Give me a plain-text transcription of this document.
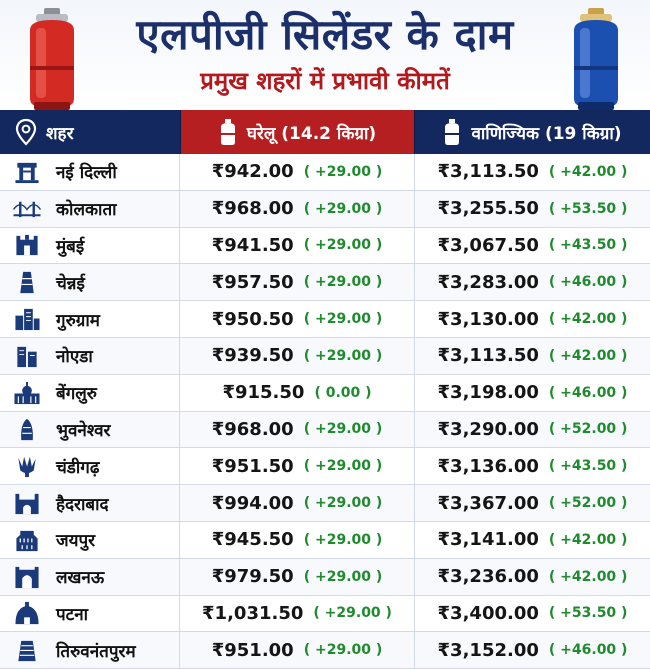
एलपीजी सिलेंडर के दाम
प्रमुख शहरों में प्रभावी कीमतें
शहर	घरेलू (14.2 किग्रा)	वाणिज्यिक (19 किग्रा)
नई दिल्ली	₹942.00 ( +29.00 )	₹3,113.50 ( +42.00 )
कोलकाता	₹968.00 ( +29.00 )	₹3,255.50 ( +53.50 )
मुंबई	₹941.50 ( +29.00 )	₹3,067.50 ( +43.50 )
चेन्नई	₹957.50 ( +29.00 )	₹3,283.00 ( +46.00 )
गुरुग्राम	₹950.50 ( +29.00 )	₹3,130.00 ( +42.00 )
नोएडा	₹939.50 ( +29.00 )	₹3,113.50 ( +42.00 )
बेंगलुरु	₹915.50 ( 0.00 )	₹3,198.00 ( +46.00 )
भुवनेश्वर	₹968.00 ( +29.00 )	₹3,290.00 ( +52.00 )
चंडीगढ़	₹951.50 ( +29.00 )	₹3,136.00 ( +43.50 )
हैदराबाद	₹994.00 ( +29.00 )	₹3,367.00 ( +52.00 )
जयपुर	₹945.50 ( +29.00 )	₹3,141.00 ( +42.00 )
लखनऊ	₹979.50 ( +29.00 )	₹3,236.00 ( +42.00 )
पटना	₹1,031.50 ( +29.00 )	₹3,400.00 ( +53.50 )
तिरुवनंतपुरम	₹951.00 ( +29.00 )	₹3,152.00 ( +46.00 )
